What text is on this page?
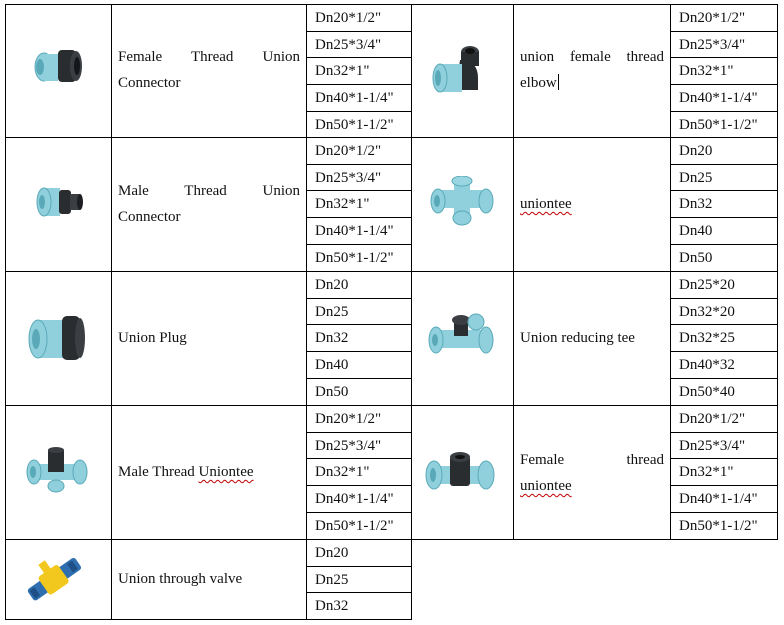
Female Thread Union
Connector
union female thread
elbow
Male Thread Union
Connector
uniontee
Union Plug	Union reducing tee
Male Thread Uniontee
Female thread
uniontee
Union through valve
Dn20*1/2"
Dn25*3/4"
Dn32*1"
Dn40*1-1/4"
Dn50*1-1/2"
Dn20*1/2"
Dn25*3/4"
Dn32*1"
Dn40*1-1/4"
Dn50*1-1/2"
Dn20*1/2"
Dn25*3/4"
Dn32*1"
Dn40*1-1/4"
Dn50*1-1/2"
Dn20
Dn25
Dn32
Dn40
Dn50
Dn20
Dn25
Dn32
Dn40
Dn50
Dn25*20
Dn32*20
Dn32*25
Dn40*32
Dn50*40
Dn20*1/2"
Dn25*3/4"
Dn32*1"
Dn40*1-1/4"
Dn50*1-1/2"
Dn20*1/2"
Dn25*3/4"
Dn32*1"
Dn40*1-1/4"
Dn50*1-1/2"
Dn20
Dn25
Dn32
